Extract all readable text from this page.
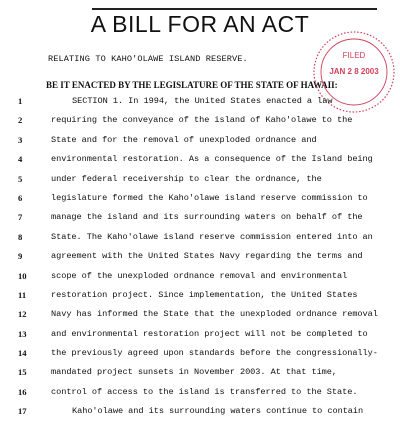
A BILL FOR AN ACT
RELATING TO KAHO'OLAWE ISLAND RESERVE.
BE IT ENACTED BY THE LEGISLATURE OF THE STATE OF HAWAII:
FILED
JAN 2 8 2003
1	SECTION 1. In 1994, the United States enacted a law
2	requiring the conveyance of the island of Kaho'olawe to the
3	State and for the removal of unexploded ordnance and
4	environmental restoration. As a consequence of the Island being
5	under federal receivership to clear the ordnance, the
6	legislature formed the Kaho'olawe island reserve commission to
7	manage the island and its surrounding waters on behalf of the
8	State. The Kaho'olawe island reserve commission entered into an
9	agreement with the United States Navy regarding the terms and
10	scope of the unexploded ordnance removal and environmental
11	restoration project. Since implementation, the United States
12	Navy has informed the State that the unexploded ordnance removal
13	and environmental restoration project will not be completed to
14	the previously agreed upon standards before the congressionally-
15	mandated project sunsets in November 2003. At that time,
16	control of access to the island is transferred to the State.
17	Kaho'olawe and its surrounding waters continue to contain
